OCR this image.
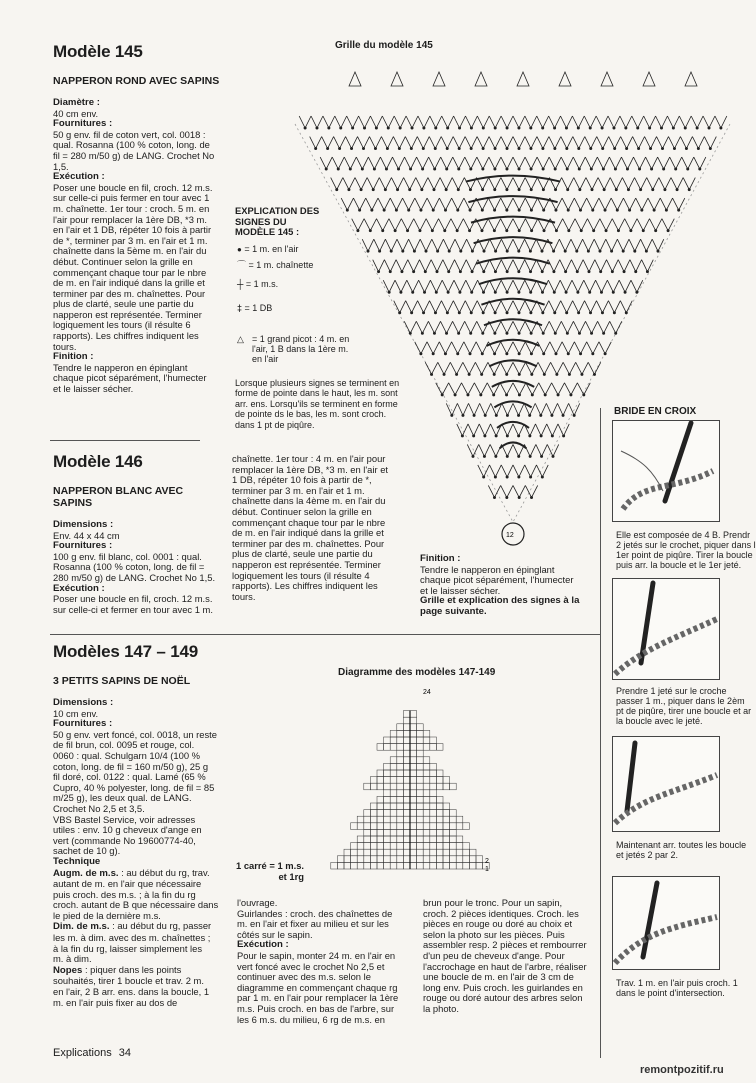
Modèle 145
NAPPERON ROND AVEC SAPINS
Diamètre :
40 cm env.
Fournitures :
50 g env. fil de coton vert, col. 0018 :
qual. Rosanna (100 % coton, long. de
fil = 280 m/50 g) de LANG. Crochet No
1,5.
Exécution :
Poser une boucle en fil, croch. 12 m.s.
sur celle-ci puis fermer en tour avec 1
m. chaînette. 1er tour : croch. 5 m. en
l'air pour remplacer la 1ère DB, *3 m.
en l'air et 1 DB, répéter 10 fois à partir
de *, terminer par 3 m. en l'air et 1 m.
chaînette dans la 5ème m. en l'air du
début. Continuer selon la grille en
commençant chaque tour par le nbre
de m. en l'air indiqué dans la grille et
terminer par des m. chaînettes. Pour
plus de clarté, seule une partie du
napperon est représentée. Terminer
logiquement les tours (il résulte 6
rapports). Les chiffres indiquent les
tours.
Finition :
Tendre le napperon en épinglant
chaque picot séparément, l'humecter
et le laisser sécher.
Grille du modèle 145
12
EXPLICATION DES
SIGNES DU
MODÈLE 145 :
● = 1 m. en l'air
⌒ = 1 m. chaînette
┼ = 1 m.s.
‡ = 1 DB
△ = 1 grand picot : 4 m. en
l'air, 1 B dans la 1ère m.
en l'air
Lorsque plusieurs signes se terminent en
forme de pointe dans le haut, les m. sont
arr. ens. Lorsqu'ils se terminent en forme
de pointe ds le bas, les m. sont croch.
dans 1 pt de piqûre.
Modèle 146
NAPPERON BLANC AVEC
SAPINS
Dimensions :
Env. 44 x 44 cm
Fournitures :
100 g env. fil blanc, col. 0001 : qual.
Rosanna (100 % coton, long. de fil =
280 m/50 g) de LANG. Crochet No 1,5.
Exécution :
Poser une boucle en fil, croch. 12 m.s.
sur celle-ci et fermer en tour avec 1 m.
chaînette. 1er tour : 4 m. en l'air pour
remplacer la 1ère DB, *3 m. en l'air et
1 DB, répéter 10 fois à partir de *,
terminer par 3 m. en l'air et 1 m.
chaînette dans la 4ème m. en l'air du
début. Continuer selon la grille en
commençant chaque tour par le nbre
de m. en l'air indiqué dans la grille et
terminer par des m. chaînettes. Pour
plus de clarté, seule une partie du
napperon est représentée. Terminer
logiquement les tours (il résulte 4
rapports). Les chiffres indiquent les
tours.
Finition :
Tendre le napperon en épinglant
chaque picot séparément, l'humecter
et le laisser sécher.
Grille et explication des signes à la
page suivante.
BRIDE EN CROIX
Elle est composée de 4 B. Prendr
2 jetés sur le crochet, piquer dans l
1er point de piqûre. Tirer la boucle
puis arr. la boucle et le 1er jeté.
Prendre 1 jeté sur le croche
passer 1 m., piquer dans le 2èm
pt de piqûre, tirer une boucle et ar
la boucle avec le jeté.
Maintenant arr. toutes les boucle
et jetés 2 par 2.
Trav. 1 m. en l'air puis croch. 1
dans le point d'intersection.
Modèles 147 – 149
3 PETITS SAPINS DE NOËL
Dimensions :
10 cm env.
Fournitures :
50 g env. vert foncé, col. 0018, un reste
de fil brun, col. 0095 et rouge, col.
0060 : qual. Schulgarn 10/4 (100 %
coton, long. de fil = 160 m/50 g), 25 g
fil doré, col. 0122 : qual. Lamé (65 %
Cupro, 40 % polyester, long. de fil = 85
m/25 g), les deux qual. de LANG.
Crochet No 2,5 et 3,5.
VBS Bastel Service, voir adresses
utiles : env. 10 g cheveux d'ange en
vert (commande No 19600774-40,
sachet de 10 g).
Technique
Augm. de m.s. : au début du rg, trav.
autant de m. en l'air que nécessaire
puis croch. des m.s. ; à la fin du rg
croch. autant de B que nécessaire dans
le pied de la dernière m.s.
Dim. de m.s. : au début du rg, passer
les m. à dim. avec des m. chaînettes ;
à la fin du rg, laisser simplement les
m. à dim.
Nopes : piquer dans les points
souhaités, tirer 1 boucle et trav. 2 m.
en l'air, 2 B arr. ens. dans la boucle, 1
m. en l'air puis fixer au dos de
Diagramme des modèles 147-149
24
2
1
1 carré = 1 m.s.
et 1rg
l'ouvrage.
Guirlandes : croch. des chaînettes de
m. en l'air et fixer au milieu et sur les
côtés sur le sapin.
Exécution :
Pour le sapin, monter 24 m. en l'air en
vert foncé avec le crochet No 2,5 et
continuer avec des m.s. selon le
diagramme en commençant chaque rg
par 1 m. en l'air pour remplacer la 1ère
m.s. Puis croch. en bas de l'arbre, sur
les 6 m.s. du milieu, 6 rg de m.s. en
brun pour le tronc. Pour un sapin,
croch. 2 pièces identiques. Croch. les
pièces en rouge ou doré au choix et
selon la photo sur les pièces. Puis
assembler resp. 2 pièces et rembourrer
d'un peu de cheveux d'ange. Pour
l'accrochage en haut de l'arbre, réaliser
une boucle de m. en l'air de 3 cm de
long env. Puis croch. les guirlandes en
rouge ou doré autour des arbres selon
la photo.
Explications 34
remontpozitif.ru
